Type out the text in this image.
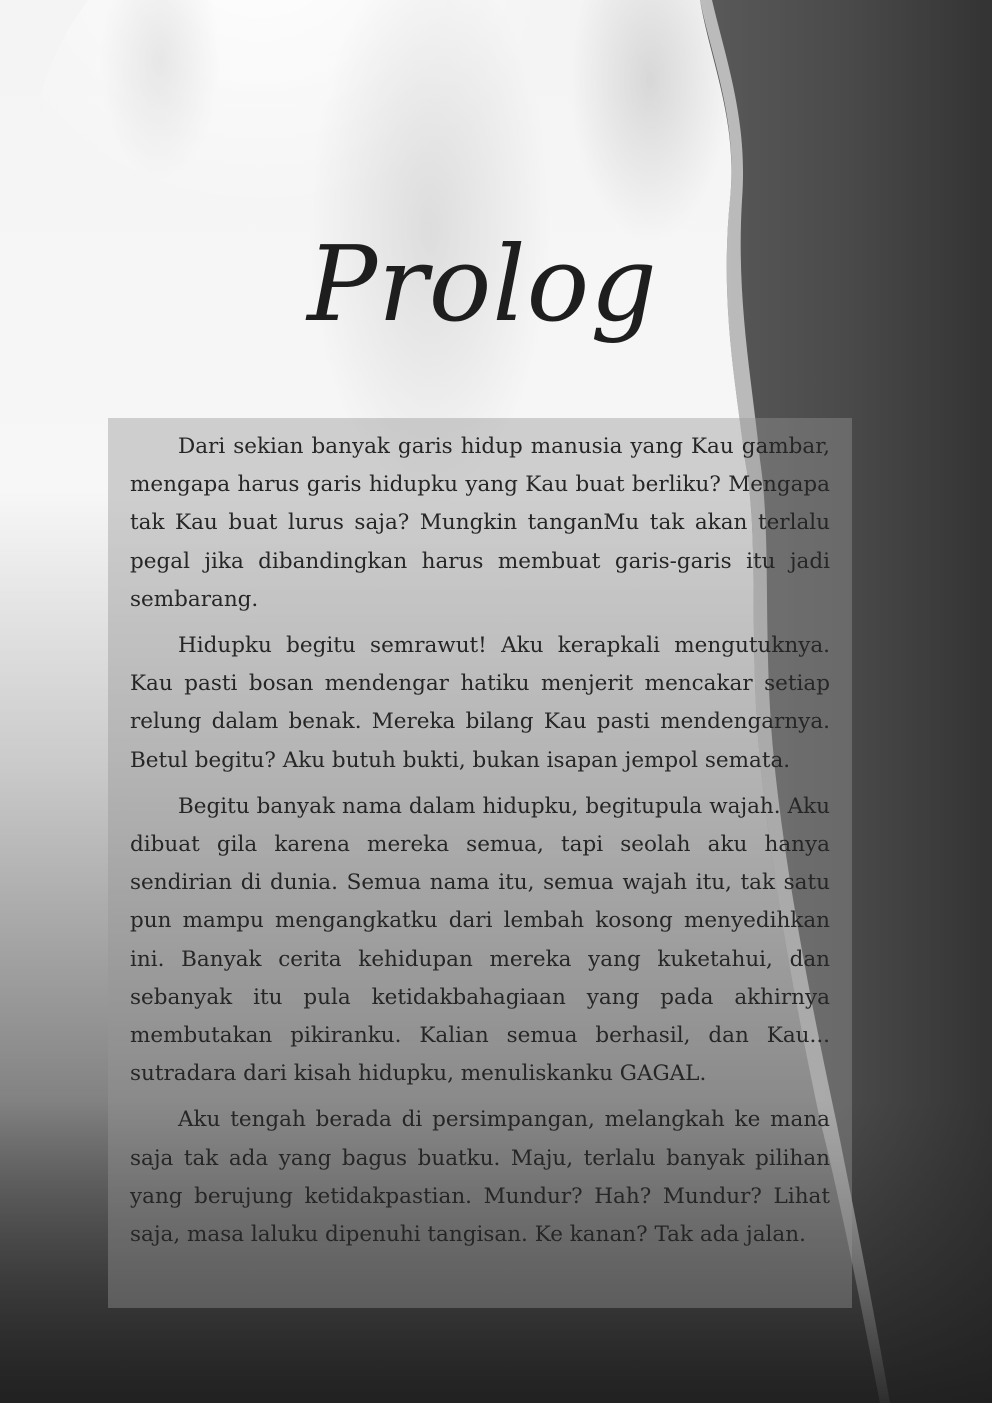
Prolog

Dari sekian banyak garis hidup manusia yang Kau gambar, mengapa harus garis hidupku yang Kau buat berliku? Mengapa tak Kau buat lurus saja? Mungkin tanganMu tak akan terlalu pegal jika dibandingkan harus membuat garis-garis itu jadi sembarang.

Hidupku begitu semrawut! Aku kerapkali mengutuknya. Kau pasti bosan mendengar hatiku menjerit mencakar setiap relung dalam benak. Mereka bilang Kau pasti mendengarnya. Betul begitu? Aku butuh bukti, bukan isapan jempol semata.

Begitu banyak nama dalam hidupku, begitupula wajah. Aku dibuat gila karena mereka semua, tapi seolah aku hanya sendirian di dunia. Semua nama itu, semua wajah itu, tak satu pun mampu mengangkatku dari lembah kosong menyedihkan ini. Banyak cerita kehidupan mereka yang kuketahui, dan sebanyak itu pula ketidakbahagiaan yang pada akhirnya membutakan pikiranku. Kalian semua berhasil, dan Kau... sutradara dari kisah hidupku, menuliskanku GAGAL.

Aku tengah berada di persimpangan, melangkah ke mana saja tak ada yang bagus buatku. Maju, terlalu banyak pilihan yang berujung ketidakpastian. Mundur? Hah? Mundur? Lihat saja, masa laluku dipenuhi tangisan. Ke kanan? Tak ada jalan.
